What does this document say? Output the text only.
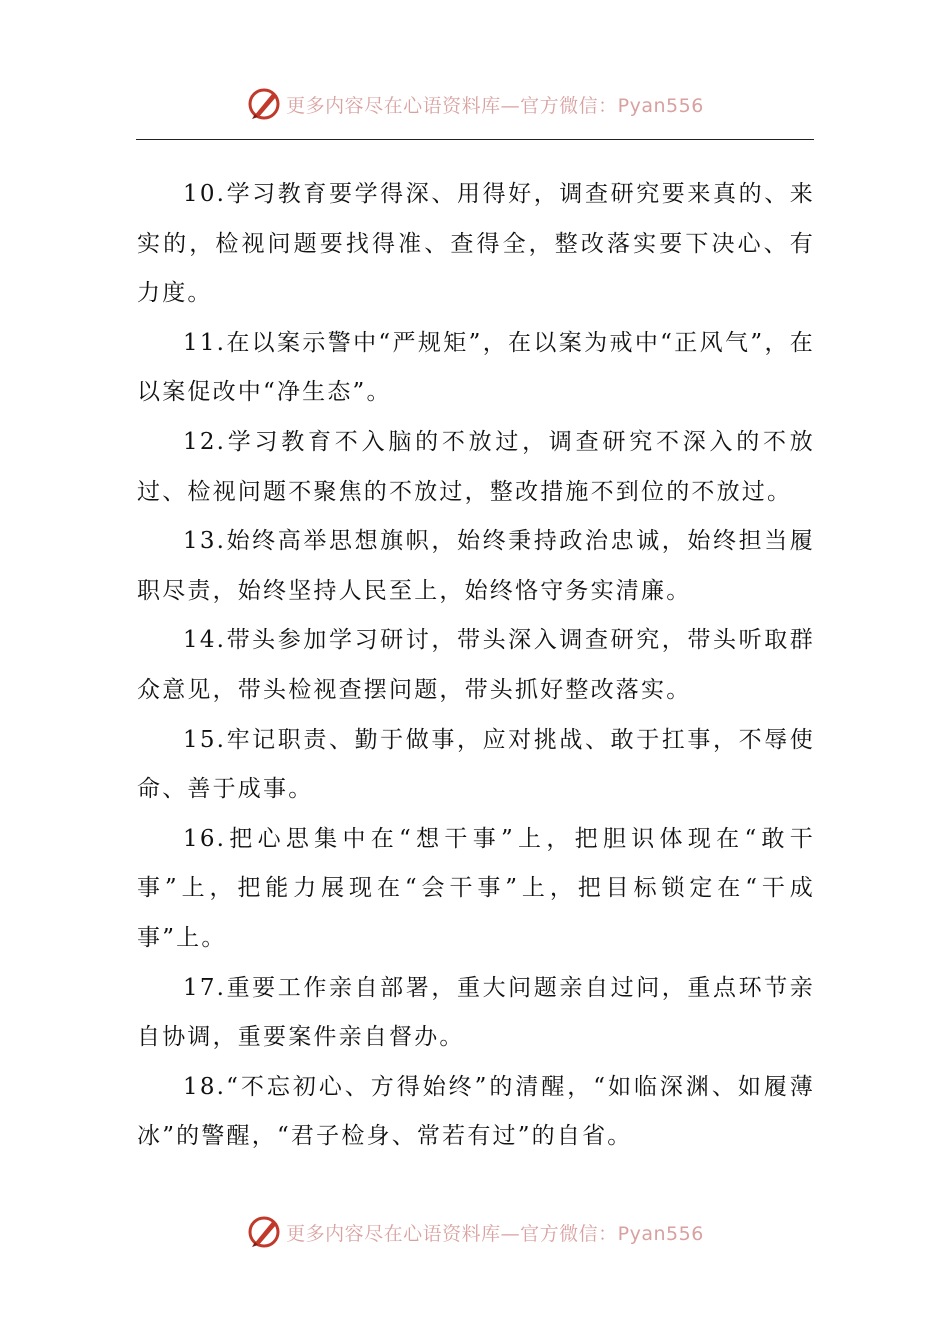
更多内容尽在心语资料库—官方微信：Pyan556

10.学习教育要学得深、用得好，调查研究要来真的、来实的，检视问题要找得准、查得全，整改落实要下决心、有力度。

11.在以案示警中“严规矩”，在以案为戒中“正风气”，在以案促改中“净生态”。

12.学习教育不入脑的不放过，调查研究不深入的不放过、检视问题不聚焦的不放过，整改措施不到位的不放过。

13.始终高举思想旗帜，始终秉持政治忠诚，始终担当履职尽责，始终坚持人民至上，始终恪守务实清廉。

14.带头参加学习研讨，带头深入调查研究，带头听取群众意见，带头检视查摆问题，带头抓好整改落实。

15.牢记职责、勤于做事，应对挑战、敢于扛事，不辱使命、善于成事。

16.把心思集中在“想干事”上，把胆识体现在“敢干事”上，把能力展现在“会干事”上，把目标锁定在“干成事”上。

17.重要工作亲自部署，重大问题亲自过问，重点环节亲自协调，重要案件亲自督办。

18.“不忘初心、方得始终”的清醒，“如临深渊、如履薄冰”的警醒，“君子检身、常若有过”的自省。

更多内容尽在心语资料库—官方微信：Pyan556
